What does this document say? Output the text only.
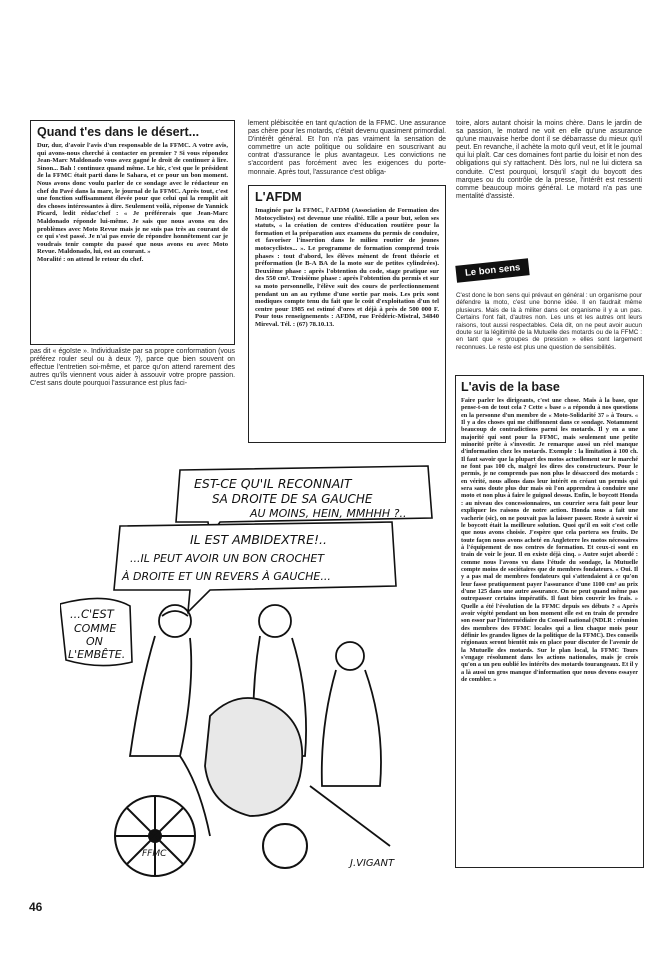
Quand t'es dans le désert...

Dur, dur, d'avoir l'avis d'un responsable de la FFMC. A votre avis, qui avons-nous cherché à contacter en premier ? Si vous répondez Jean-Marc Maldonado vous avez gagné le droit de continuer à lire. Sinon... Bah ! continuez quand même. Le hic, c'est que le président de la FFMC était parti dans le Sahara, et ce pour un bon moment. Nous avons donc voulu parler de ce sondage avec le rédacteur en chef du Pavé dans la mare, le journal de la FFMC. Après tout, c'est une fonction suffisamment élevée pour que celui qui la remplit ait des choses intéressantes à dire. Seulement voilà, réponse de Yannick Picard, ledit rédac'chef : « Je préférerais que Jean-Marc Maldonado réponde lui-même. Je sais que nous avons eu des problèmes avec Moto Revue mais je ne suis pas très au courant de ce qui s'est passé. Je n'ai pas envie de répondre honnêtement car je voudrais tenir compte du passé que nous avons eu avec Moto Revue. Maldonado, lui, est au courant. »

Moralité : on attend le retour du chef.

pas dit « égoïste ». Individualiste par sa propre conformation (vous préférez rouler seul ou à deux ?), parce que bien souvent on effectue l'entretien soi-même, et parce qu'on attend rarement des autres qu'ils viennent vous aider à assouvir votre propre passion. C'est sans doute pourquoi l'assurance est plus faci-

lement plébiscitée en tant qu'action de la FFMC. Une assurance pas chère pour les motards, c'était devenu quasiment primordial. D'intérêt général. Et l'on n'a pas vraiment la sensation de commettre un acte politique ou solidaire en souscrivant au contrat d'assurance le plus avantageux. Les convictions ne s'accordent pas forcément avec les exigences du porte-monnaie. Après tout, l'assurance c'est obliga-

L'AFDM

Imaginée par la FFMC, l'AFDM (Association de Formation des Motocyclistes) est devenue une réalité. Elle a pour but, selon ses statuts, « la création de centres d'éducation routière pour la formation et la préparation aux examens du permis de conduire, et favoriser l'insertion dans le milieu routier de jeunes motocyclistes... ». Le programme de formation comprend trois phases : tout d'abord, les élèves mènent de front théorie et préformation (le B-A BA de la moto sur de petites cylindrées). Deuxième phase : après l'obtention du code, stage pratique sur des 550 cm³. Troisième phase : après l'obtention du permis et sur sa moto personnelle, l'élève suit des cours de perfectionnement pendant un an au rythme d'une sortie par mois. Les prix sont modiques compte tenu du fait que le coût d'exploitation d'un tel centre pour 1985 est estimé d'ores et déjà à près de 500 000 F. Pour tous renseignements : AFDM, rue Frédéric-Mistral, 34840 Mireval. Tél. : (67) 78.10.13.

toire, alors autant choisir la moins chère. Dans le jardin de sa passion, le motard ne voit en elle qu'une assurance qu'une mauvaise herbe dont il se débarrasse du mieux qu'il peut. En revanche, il achète la moto qu'il veut, et lit le journal qui lui plaît. Car ces domaines font partie du loisir et non des obligations qui s'y rattachent. Dès lors, nul ne lui dictera sa conduite. C'est pourquoi, lorsqu'il s'agit du boycott des marques ou du contrôle de la presse, l'intérêt est ressenti comme beaucoup moins général. Le motard n'a pas une mentalité d'assisté.

Le bon sens

C'est donc le bon sens qui prévaut en général : un organisme pour défendre la moto, c'est une bonne idée. Il en faudrait même plusieurs. Mais de là à militer dans cet organisme il y a un pas. Certains l'ont fait, d'autres non. Les uns et les autres ont leurs raisons, tout aussi respectables. Cela dit, on ne peut avoir aucun doute sur la légitimité de la Mutuelle des motards ou de la FFMC : en tant que « groupes de pression » elles sont largement reconnues. Le reste est plus une question de sensibilités.

L'avis de la base

Faire parler les dirigeants, c'est une chose. Mais à la base, que pense-t-on de tout cela ? Cette « base » a répondu à nos questions en la personne d'un membre de « Moto-Solidarité 37 » à Tours. « Il y a des choses qui me chiffonnent dans ce sondage. Notamment beaucoup de contradictions parmi les motards. Il y en a une majorité qui sont pour la FFMC, mais seulement une petite minorité prête à s'investir. Je remarque aussi un réel manque d'information chez les motards. Exemple : la limitation à 100 ch. Il faut savoir que la plupart des motos actuellement sur le marché ne font pas 100 ch, malgré les dires des constructeurs. Pour le permis, je ne comprends pas non plus le désaccord des motards : en vérité, nous allons dans leur intérêt en créant un permis qui sera sans doute plus dur mais où l'on apprendra à conduire une moto et non plus à faire le guignol dessus. Enfin, le boycott Honda : au niveau des concessionnaires, un courrier sera fait pour leur expliquer les raisons de notre action. Honda nous a fait une vacherie (sic), on ne pouvait pas la laisser passer. Reste à savoir si le boycott était la meilleure solution. Quoi qu'il en soit c'est celle que nous avons choisie. J'espère que cela portera ses fruits. De toute façon nous avons acheté en Angleterre les motos nécessaires à l'équipement de nos centres de formation. Et ceux-ci sont en train de voir le jour. Il en existe déjà cinq. » Autre sujet abordé : comme nous l'avons vu dans l'étude du sondage, la Mutuelle compte moins de sociétaires que de membres fondateurs. « Oui. Il y a pas mal de membres fondateurs qui s'attendaient à ce qu'on leur fasse pratiquement payer l'assurance d'une 1100 cm³ au prix d'une 125 dans une autre assurance. On ne peut quand même pas outrepasser certains impératifs. Il faut bien couvrir les frais. » Quelle a été l'évolution de la FFMC depuis ses débuts ? « Après avoir végété pendant un bon moment elle est en train de prendre son essor par l'intermédiaire du Conseil national (NDLR : réunion des membres des FFMC locales qui a lieu chaque mois pour définir les grandes lignes de la politique de la FFMC). Des conseils régionaux seront bientôt mis en place pour discuter de l'avenir de la Mutuelle des motards. Sur le plan local, la FFMC Tours s'engage résolument dans les actions nationales, mais je crois qu'on a un peu oublié les intérêts des motards tourangeaux. Et il y a là aussi un gros manque d'information que nous devons essayer de combler. »

EST-CE QU'IL RECONNAIT
SA DROITE DE SA GAUCHE
AU MOINS, HEIN, MMHHH ?..
IL EST AMBIDEXTRE!..
...IL PEUT AVOIR UN BON CROCHET
À DROITE ET UN REVERS À GAUCHE...
...C'EST
COMME
ON
L'EMBÊTE.
FFMC
J.VIGANT
46
